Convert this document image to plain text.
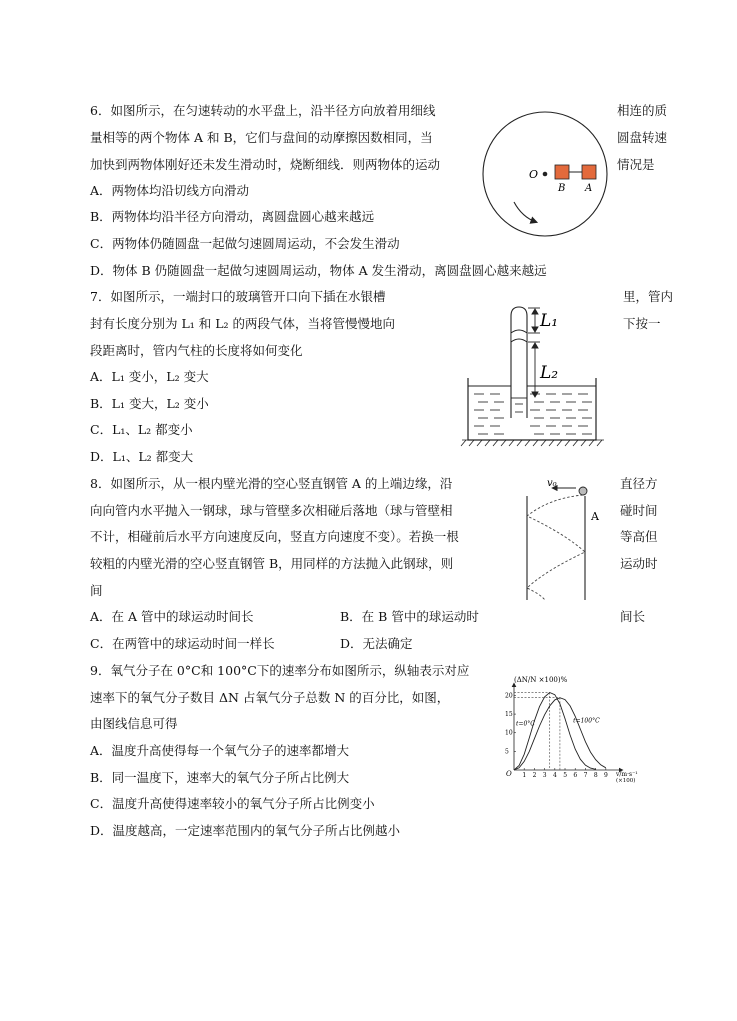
6．如图所示，在匀速转动的水平盘上，沿半径方向放着用细线
量相等的两个物体 A 和 B，它们与盘间的动摩擦因数相同，当
加快到两物体刚好还未发生滑动时，烧断细线．则两物体的运动
相连的质
圆盘转速
情况是
A．两物体均沿切线方向滑动
B．两物体均沿半径方向滑动，离圆盘圆心越来越远
C．两物体仍随圆盘一起做匀速圆周运动，不会发生滑动
D．物体 B 仍随圆盘一起做匀速圆周运动，物体 A 发生滑动，离圆盘圆心越来越远
O
B A
7．如图所示，一端封口的玻璃管开口向下插在水银槽
封有长度分别为 L₁ 和 L₂ 的两段气体，当将管慢慢地向
段距离时，管内气柱的长度将如何变化
里，管内
下按一
A．L₁ 变小，L₂ 变大
B．L₁ 变大，L₂ 变小
C．L₁、L₂ 都变小
D．L₁、L₂ 都变大
L₁
L₂
8．如图所示，从一根内壁光滑的空心竖直钢管 A 的上端边缘，沿
向向管内水平抛入一钢球，球与管壁多次相碰后落地（球与管壁相
不计，相碰前后水平方向速度反向，竖直方向速度不变）。若换一根
较粗的内壁光滑的空心竖直钢管 B，用同样的方法抛入此钢球，则
间
直径方
碰时间
等高但
运动时
A．在 A 管中的球运动时间长	B．在 B 管中的球运动时	间长
C．在两管中的球运动时间一样长	D．无法确定
v₀
A
9．氧气分子在 0°C和 100°C下的速率分布如图所示，纵轴表示对应
速率下的氧气分子数目 ΔN 占氧气分子总数 N 的百分比，如图，
由图线信息可得
A．温度升高使得每一个氧气分子的速率都增大
B．同一温度下，速率大的氧气分子所占比例大
C．温度升高使得速率较小的氧气分子所占比例变小
D．温度越高，一定速率范围内的氧气分子所占比例越小
(ΔN/N ×100)%
O	v/m·s⁻¹
(×100)
1 2 3 4 5 6 7 8 9
5
10
15
20
t=0°C	t=100°C
